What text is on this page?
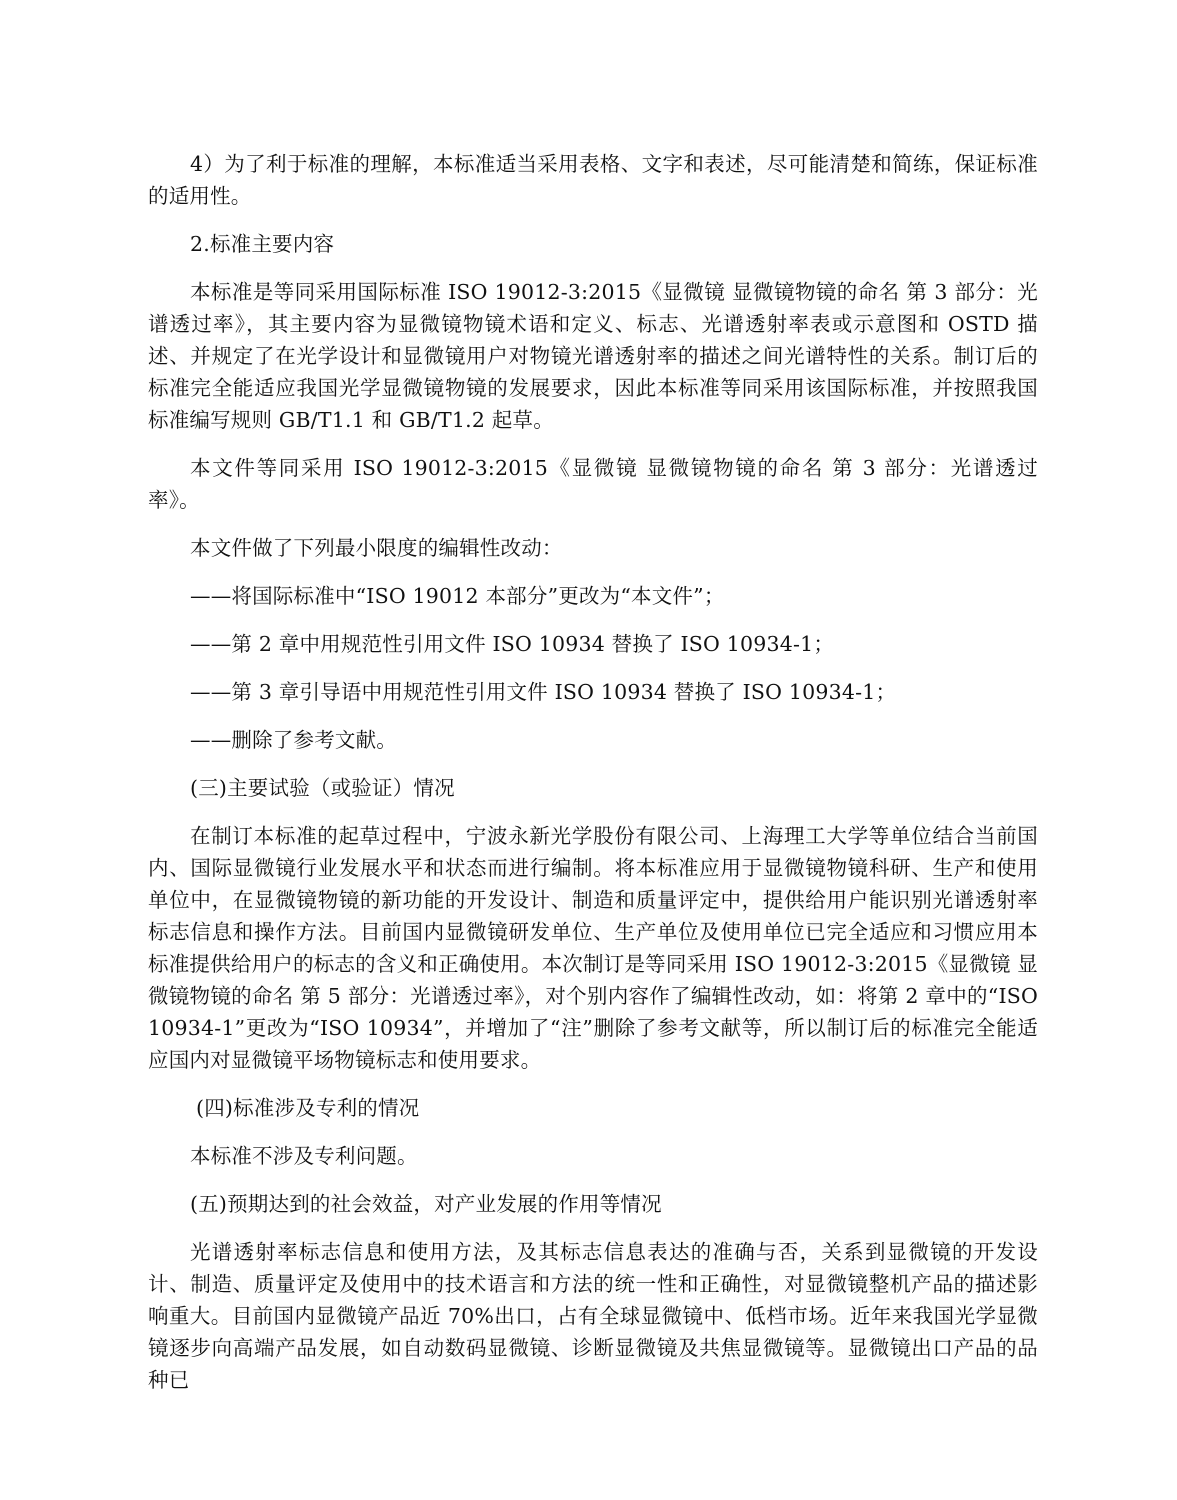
4）为了利于标准的理解，本标准适当采用表格、文字和表述，尽可能清楚和简练，保证标准的适用性。

2.标准主要内容

本标准是等同采用国际标准 ISO 19012-3:2015《显微镜 显微镜物镜的命名 第 3 部分：光谱透过率》，其主要内容为显微镜物镜术语和定义、标志、光谱透射率表或示意图和 OSTD 描述、并规定了在光学设计和显微镜用户对物镜光谱透射率的描述之间光谱特性的关系。制订后的标准完全能适应我国光学显微镜物镜的发展要求，因此本标准等同采用该国际标准，并按照我国标准编写规则 GB/T1.1 和 GB/T1.2 起草。

本文件等同采用 ISO 19012-3:2015《显微镜 显微镜物镜的命名 第 3 部分：光谱透过率》。

本文件做了下列最小限度的编辑性改动：

——将国际标准中“ISO 19012 本部分”更改为“本文件”；

——第 2 章中用规范性引用文件 ISO 10934 替换了 ISO 10934-1；

——第 3 章引导语中用规范性引用文件 ISO 10934 替换了 ISO 10934-1；

——删除了参考文献。

(三)主要试验（或验证）情况

在制订本标准的起草过程中，宁波永新光学股份有限公司、上海理工大学等单位结合当前国内、国际显微镜行业发展水平和状态而进行编制。将本标准应用于显微镜物镜科研、生产和使用单位中，在显微镜物镜的新功能的开发设计、制造和质量评定中，提供给用户能识别光谱透射率标志信息和操作方法。目前国内显微镜研发单位、生产单位及使用单位已完全适应和习惯应用本标准提供给用户的标志的含义和正确使用。本次制订是等同采用 ISO 19012-3:2015《显微镜 显微镜物镜的命名 第 5 部分：光谱透过率》，对个别内容作了编辑性改动，如：将第 2 章中的“ISO 10934-1”更改为“ISO 10934”，并增加了“注”删除了参考文献等，所以制订后的标准完全能适应国内对显微镜平场物镜标志和使用要求。

(四)标准涉及专利的情况

本标准不涉及专利问题。

(五)预期达到的社会效益，对产业发展的作用等情况

光谱透射率标志信息和使用方法，及其标志信息表达的准确与否，关系到显微镜的开发设计、制造、质量评定及使用中的技术语言和方法的统一性和正确性，对显微镜整机产品的描述影响重大。目前国内显微镜产品近 70%出口，占有全球显微镜中、低档市场。近年来我国光学显微镜逐步向高端产品发展，如自动数码显微镜、诊断显微镜及共焦显微镜等。显微镜出口产品的品种已
